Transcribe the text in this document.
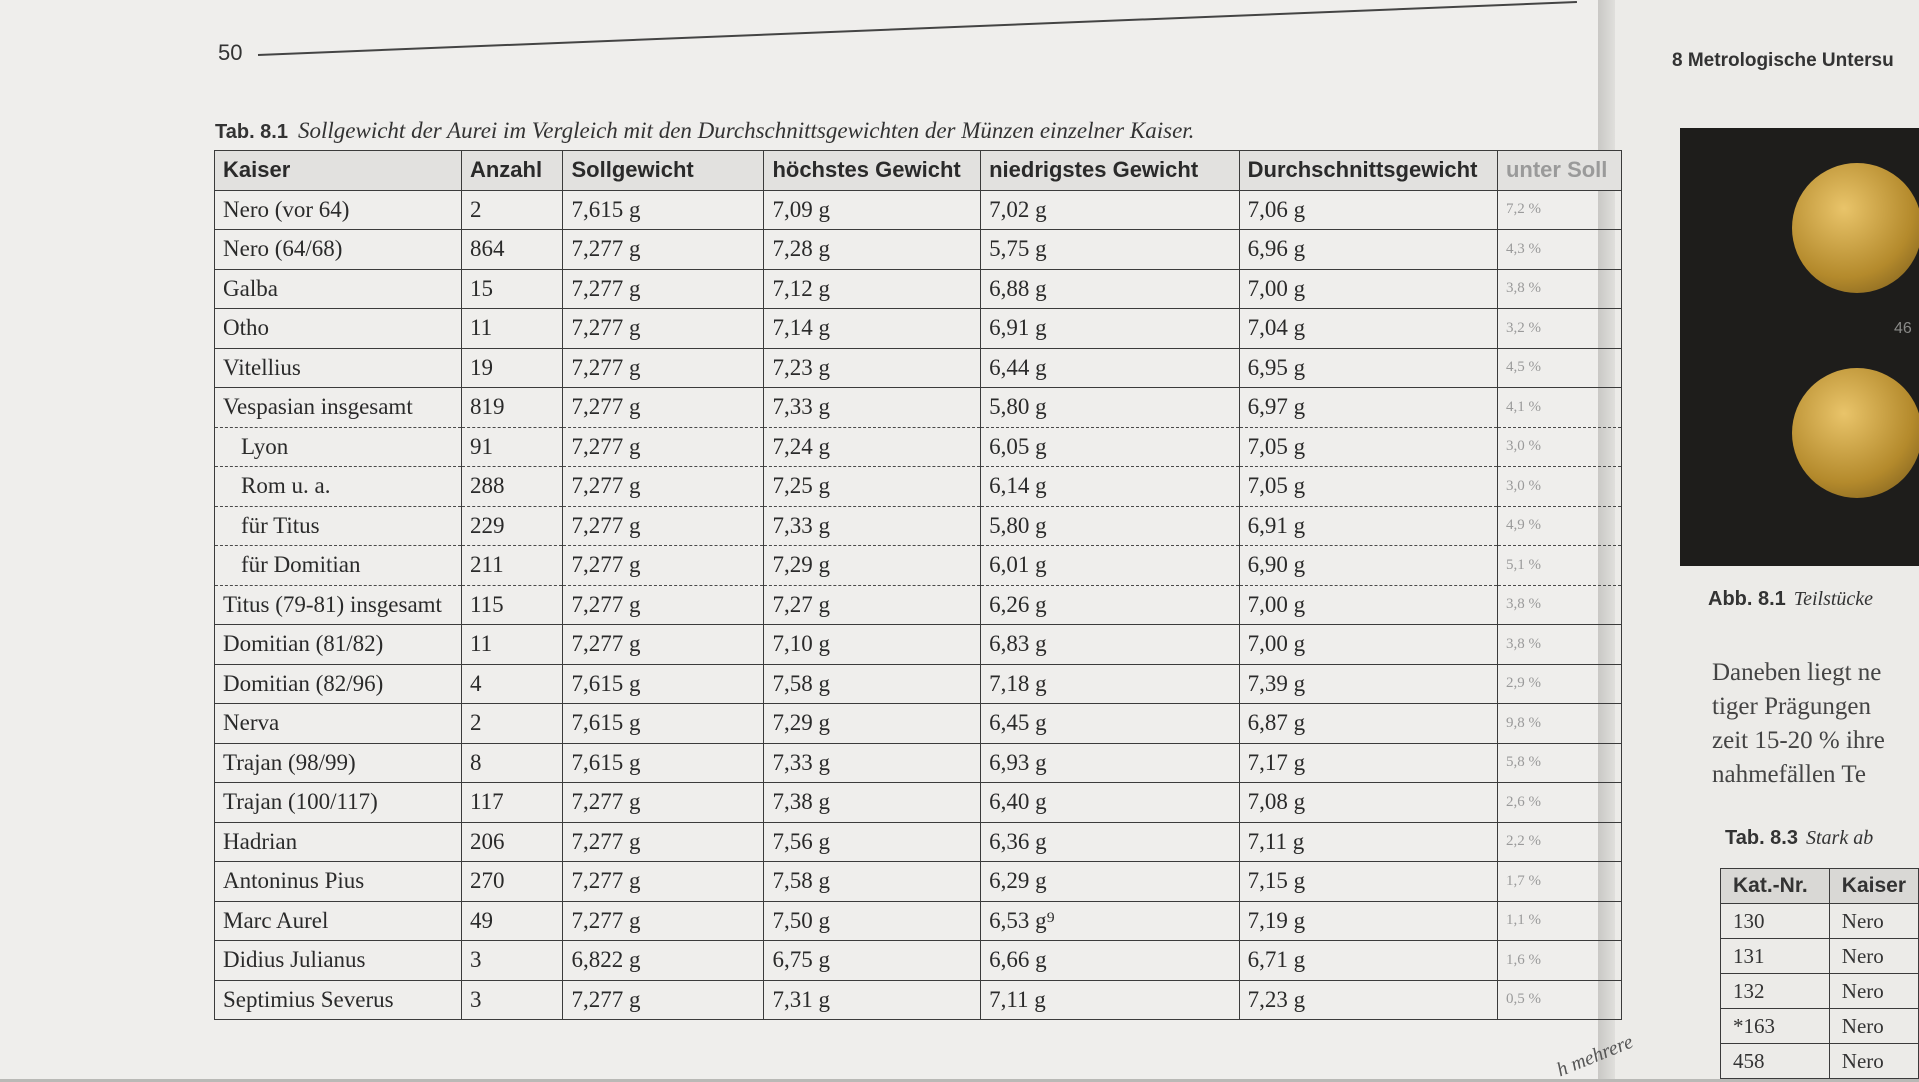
50
Tab. 8.1 Sollgewicht der Aurei im Vergleich mit den Durchschnittsgewichten der Münzen einzelner Kaiser.
Kaiser	Anzahl	Sollgewicht	höchstes Gewicht	niedrigstes Gewicht	Durchschnittsgewicht	unter Soll
Nero (vor 64)	2	7,615 g	7,09 g	7,02 g	7,06 g	7,2 %
Nero (64/68)	864	7,277 g	7,28 g	5,75 g	6,96 g	4,3 %
Galba	15	7,277 g	7,12 g	6,88 g	7,00 g	3,8 %
Otho	11	7,277 g	7,14 g	6,91 g	7,04 g	3,2 %
Vitellius	19	7,277 g	7,23 g	6,44 g	6,95 g	4,5 %
Vespasian insgesamt	819	7,277 g	7,33 g	5,80 g	6,97 g	4,1 %
Lyon	91	7,277 g	7,24 g	6,05 g	7,05 g	3,0 %
Rom u. a.	288	7,277 g	7,25 g	6,14 g	7,05 g	3,0 %
für Titus	229	7,277 g	7,33 g	5,80 g	6,91 g	4,9 %
für Domitian	211	7,277 g	7,29 g	6,01 g	6,90 g	5,1 %
Titus (79-81) insgesamt	115	7,277 g	7,27 g	6,26 g	7,00 g	3,8 %
Domitian (81/82)	11	7,277 g	7,10 g	6,83 g	7,00 g	3,8 %
Domitian (82/96)	4	7,615 g	7,58 g	7,18 g	7,39 g	2,9 %
Nerva	2	7,615 g	7,29 g	6,45 g	6,87 g	9,8 %
Trajan (98/99)	8	7,615 g	7,33 g	6,93 g	7,17 g	5,8 %
Trajan (100/117)	117	7,277 g	7,38 g	6,40 g	7,08 g	2,6 %
Hadrian	206	7,277 g	7,56 g	6,36 g	7,11 g	2,2 %
Antoninus Pius	270	7,277 g	7,58 g	6,29 g	7,15 g	1,7 %
Marc Aurel	49	7,277 g	7,50 g	6,53 g⁹	7,19 g	1,1 %
Didius Julianus	3	6,822 g	6,75 g	6,66 g	6,71 g	1,6 %
Septimius Severus	3	7,277 g	7,31 g	7,11 g	7,23 g	0,5 %
8 Metrologische Untersu
46
Abb. 8.1 Teilstücke
Daneben liegt ne
tiger Prägungen
zeit 15-20 % ihre
nahmefällen Te
Tab. 8.3 Stark ab
Kat.-Nr.	Kaiser
130	Nero
131	Nero
132	Nero
*163	Nero
458	Nero
h mehrere
